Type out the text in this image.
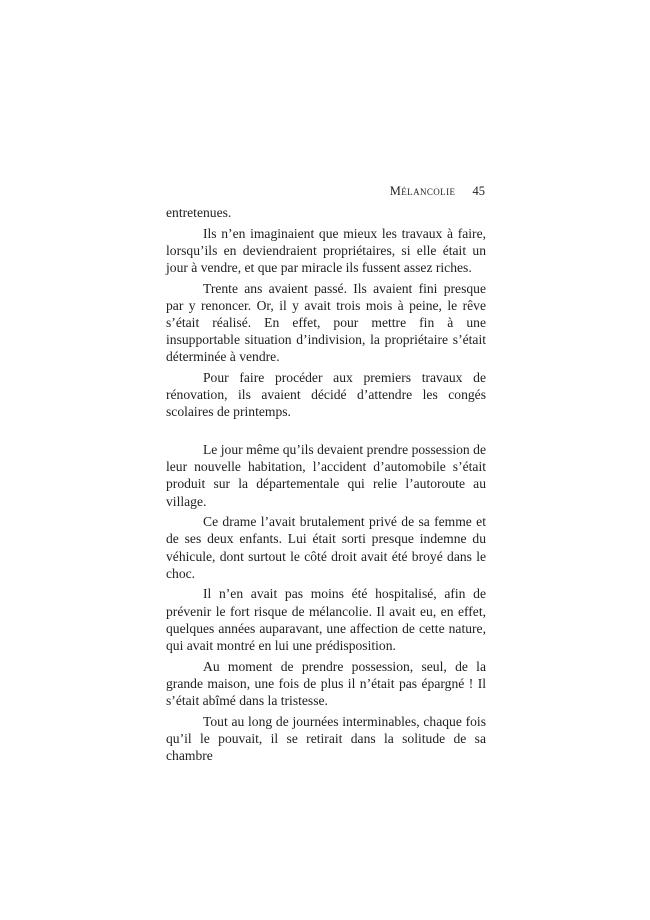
Mélancolie 45

entretenues.

Ils n’en imaginaient que mieux les travaux à faire, lorsqu’ils en deviendraient propriétaires, si elle était un jour à vendre, et que par miracle ils fussent assez riches.

Trente ans avaient passé. Ils avaient fini presque par y renoncer. Or, il y avait trois mois à peine, le rêve s’était réalisé. En effet, pour mettre fin à une insupportable situation d’indivision, la propriétaire s’était déterminée à vendre.

Pour faire procéder aux premiers travaux de rénovation, ils avaient décidé d’attendre les congés scolaires de printemps.

Le jour même qu’ils devaient prendre possession de leur nouvelle habitation, l’accident d’automobile s’était produit sur la départementale qui relie l’autoroute au village.

Ce drame l’avait brutalement privé de sa femme et de ses deux enfants. Lui était sorti presque indemne du véhicule, dont surtout le côté droit avait été broyé dans le choc.

Il n’en avait pas moins été hospitalisé, afin de prévenir le fort risque de mélancolie. Il avait eu, en effet, quelques années auparavant, une affection de cette nature, qui avait montré en lui une prédisposition.

Au moment de prendre possession, seul, de la grande maison, une fois de plus il n’était pas épargné ! Il s’était abîmé dans la tristesse.

Tout au long de journées interminables, chaque fois qu’il le pouvait, il se retirait dans la solitude de sa chambre
